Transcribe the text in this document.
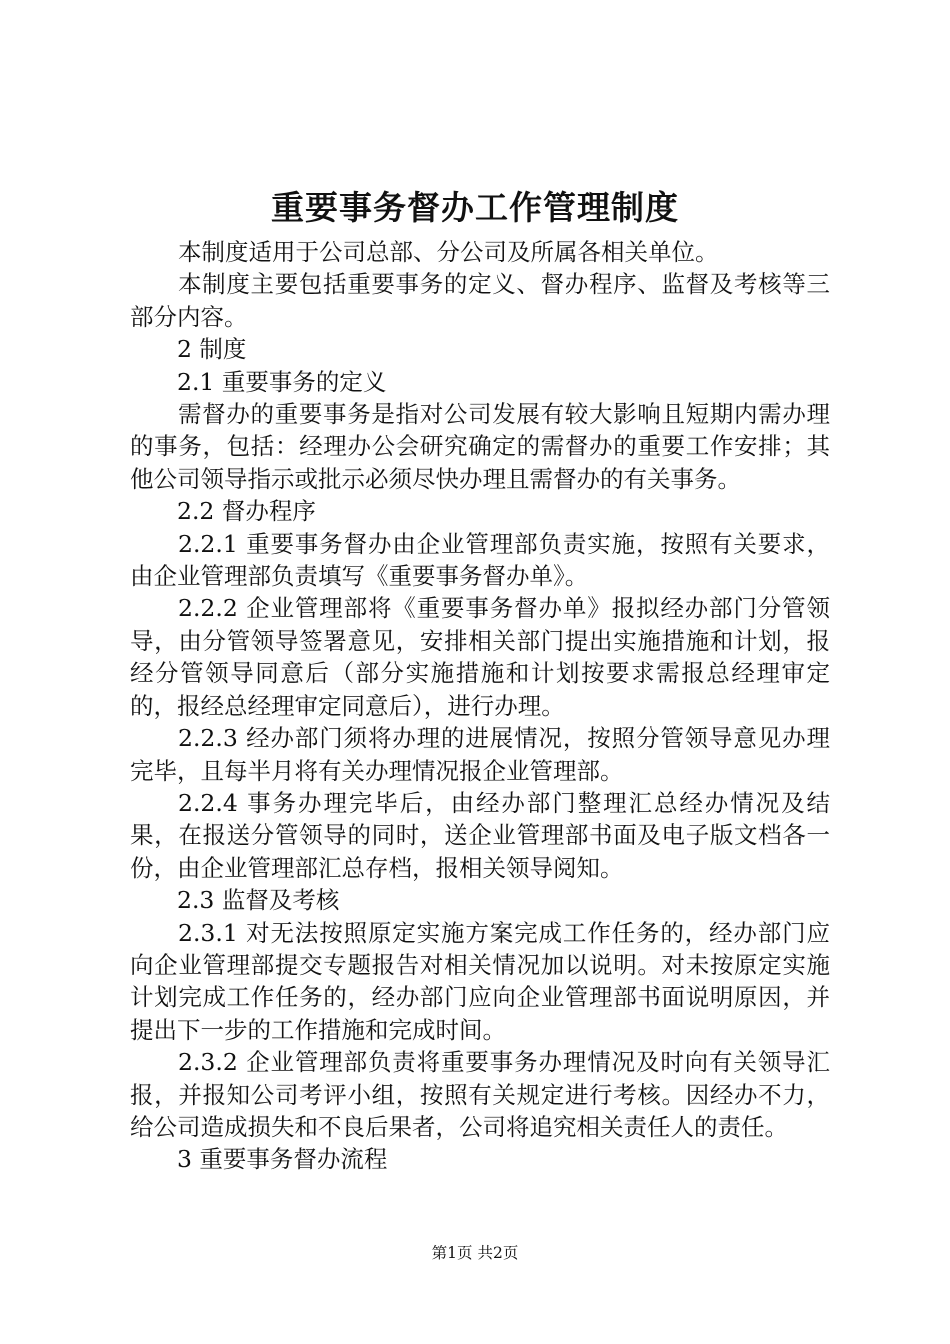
重要事务督办工作管理制度

本制度适用于公司总部、分公司及所属各相关单位。

本制度主要包括重要事务的定义、督办程序、监督及考核等三部分内容。

2 制度

2.1 重要事务的定义

需督办的重要事务是指对公司发展有较大影响且短期内需办理的事务，包括：经理办公会研究确定的需督办的重要工作安排；其他公司领导指示或批示必须尽快办理且需督办的有关事务。

2.2 督办程序

2.2.1 重要事务督办由企业管理部负责实施，按照有关要求，由企业管理部负责填写《重要事务督办单》。

2.2.2 企业管理部将《重要事务督办单》报拟经办部门分管领导，由分管领导签署意见，安排相关部门提出实施措施和计划，报经分管领导同意后（部分实施措施和计划按要求需报总经理审定的，报经总经理审定同意后），进行办理。

2.2.3 经办部门须将办理的进展情况，按照分管领导意见办理完毕，且每半月将有关办理情况报企业管理部。

2.2.4 事务办理完毕后，由经办部门整理汇总经办情况及结果，在报送分管领导的同时，送企业管理部书面及电子版文档各一份，由企业管理部汇总存档，报相关领导阅知。

2.3 监督及考核

2.3.1 对无法按照原定实施方案完成工作任务的，经办部门应向企业管理部提交专题报告对相关情况加以说明。对未按原定实施计划完成工作任务的，经办部门应向企业管理部书面说明原因，并提出下一步的工作措施和完成时间。

2.3.2 企业管理部负责将重要事务办理情况及时向有关领导汇报，并报知公司考评小组，按照有关规定进行考核。因经办不力，给公司造成损失和不良后果者，公司将追究相关责任人的责任。

3 重要事务督办流程

第1页 共2页
